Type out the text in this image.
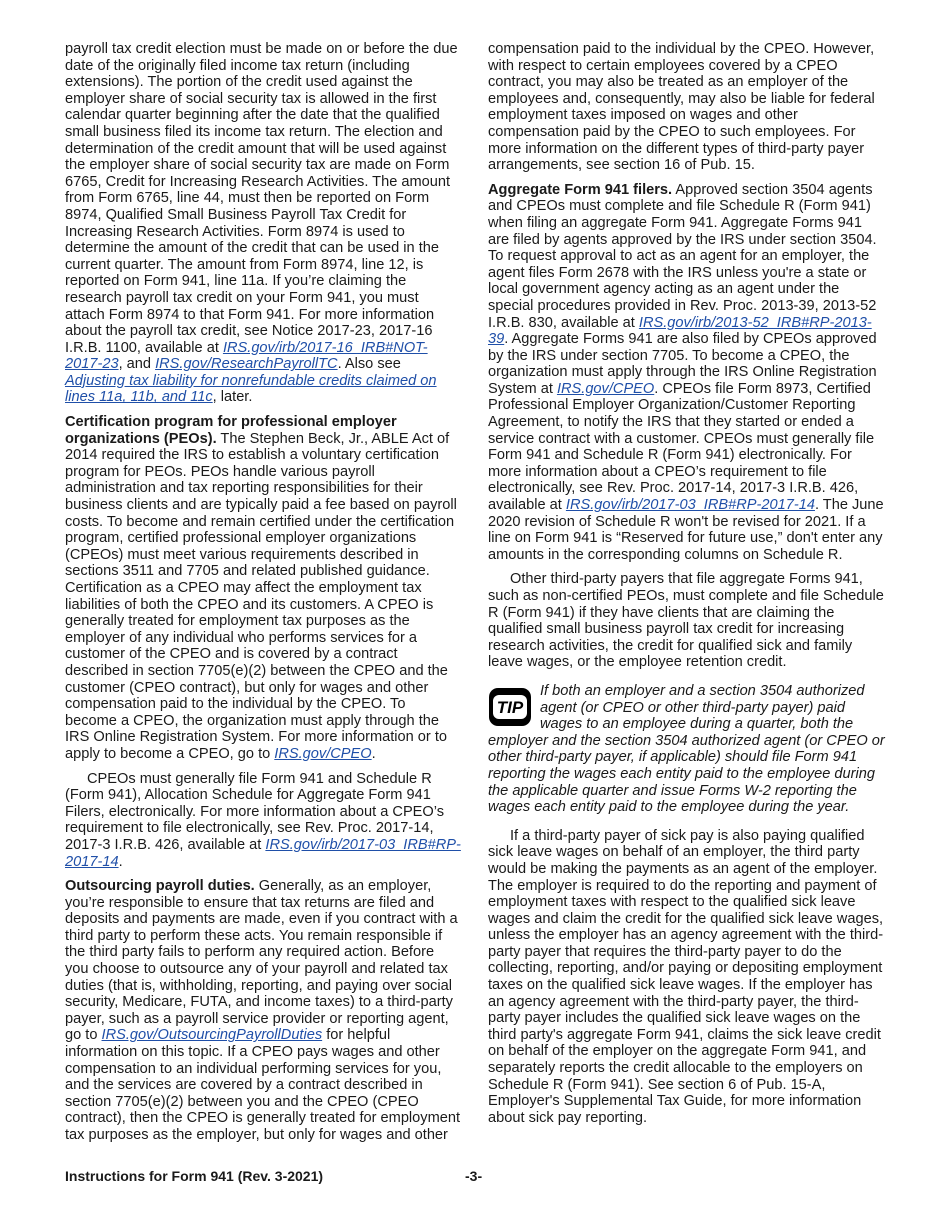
payroll tax credit election must be made on or before the due date of the originally filed income tax return (including extensions). The portion of the credit used against the employer share of social security tax is allowed in the first calendar quarter beginning after the date that the qualified small business filed its income tax return. The election and determination of the credit amount that will be used against the employer share of social security tax are made on Form 6765, Credit for Increasing Research Activities. The amount from Form 6765, line 44, must then be reported on Form 8974, Qualified Small Business Payroll Tax Credit for Increasing Research Activities. Form 8974 is used to determine the amount of the credit that can be used in the current quarter. The amount from Form 8974, line 12, is reported on Form 941, line 11a. If you’re claiming the research payroll tax credit on your Form 941, you must attach Form 8974 to that Form 941. For more information about the payroll tax credit, see Notice 2017-23, 2017-16 I.R.B. 1100, available at IRS.gov/irb/2017-16_IRB#NOT-2017-23, and IRS.gov/ResearchPayrollTC. Also see Adjusting tax liability for nonrefundable credits claimed on lines 11a, 11b, and 11c, later.

Certification program for professional employer organizations (PEOs). The Stephen Beck, Jr., ABLE Act of 2014 required the IRS to establish a voluntary certification program for PEOs. PEOs handle various payroll administration and tax reporting responsibilities for their business clients and are typically paid a fee based on payroll costs. To become and remain certified under the certification program, certified professional employer organizations (CPEOs) must meet various requirements described in sections 3511 and 7705 and related published guidance. Certification as a CPEO may affect the employment tax liabilities of both the CPEO and its customers. A CPEO is generally treated for employment tax purposes as the employer of any individual who performs services for a customer of the CPEO and is covered by a contract described in section 7705(e)(2) between the CPEO and the customer (CPEO contract), but only for wages and other compensation paid to the individual by the CPEO. To become a CPEO, the organization must apply through the IRS Online Registration System. For more information or to apply to become a CPEO, go to IRS.gov/CPEO.

CPEOs must generally file Form 941 and Schedule R (Form 941), Allocation Schedule for Aggregate Form 941 Filers, electronically. For more information about a CPEO’s requirement to file electronically, see Rev. Proc. 2017-14, 2017-3 I.R.B. 426, available at IRS.gov/irb/2017-03_IRB#RP-2017-14.

Outsourcing payroll duties. Generally, as an employer, you’re responsible to ensure that tax returns are filed and deposits and payments are made, even if you contract with a third party to perform these acts. You remain responsible if the third party fails to perform any required action. Before you choose to outsource any of your payroll and related tax duties (that is, withholding, reporting, and paying over social security, Medicare, FUTA, and income taxes) to a third-party payer, such as a payroll service provider or reporting agent, go to IRS.gov/OutsourcingPayrollDuties for helpful information on this topic. If a CPEO pays wages and other compensation to an individual performing services for you, and the services are covered by a contract described in section 7705(e)(2) between you and the CPEO (CPEO contract), then the CPEO is generally treated for employment tax purposes as the employer, but only for wages and other

compensation paid to the individual by the CPEO. However, with respect to certain employees covered by a CPEO contract, you may also be treated as an employer of the employees and, consequently, may also be liable for federal employment taxes imposed on wages and other compensation paid by the CPEO to such employees. For more information on the different types of third-party payer arrangements, see section 16 of Pub. 15.

Aggregate Form 941 filers. Approved section 3504 agents and CPEOs must complete and file Schedule R (Form 941) when filing an aggregate Form 941. Aggregate Forms 941 are filed by agents approved by the IRS under section 3504. To request approval to act as an agent for an employer, the agent files Form 2678 with the IRS unless you're a state or local government agency acting as an agent under the special procedures provided in Rev. Proc. 2013-39, 2013-52 I.R.B. 830, available at IRS.gov/irb/2013-52_IRB#RP-2013-39. Aggregate Forms 941 are also filed by CPEOs approved by the IRS under section 7705. To become a CPEO, the organization must apply through the IRS Online Registration System at IRS.gov/CPEO. CPEOs file Form 8973, Certified Professional Employer Organization/Customer Reporting Agreement, to notify the IRS that they started or ended a service contract with a customer. CPEOs must generally file Form 941 and Schedule R (Form 941) electronically. For more information about a CPEO’s requirement to file electronically, see Rev. Proc. 2017-14, 2017-3 I.R.B. 426, available at IRS.gov/irb/2017-03_IRB#RP-2017-14. The June 2020 revision of Schedule R won't be revised for 2021. If a line on Form 941 is “Reserved for future use,” don't enter any amounts in the corresponding columns on Schedule R.

Other third-party payers that file aggregate Forms 941, such as non-certified PEOs, must complete and file Schedule R (Form 941) if they have clients that are claiming the qualified small business payroll tax credit for increasing research activities, the credit for qualified sick and family leave wages, or the employee retention credit.

TIP
If both an employer and a section 3504 authorized agent (or CPEO or other third-party payer) paid wages to an employee during a quarter, both the employer and the section 3504 authorized agent (or CPEO or other third-party payer, if applicable) should file Form 941 reporting the wages each entity paid to the employee during the applicable quarter and issue Forms W-2 reporting the wages each entity paid to the employee during the year.

If a third-party payer of sick pay is also paying qualified sick leave wages on behalf of an employer, the third party would be making the payments as an agent of the employer. The employer is required to do the reporting and payment of employment taxes with respect to the qualified sick leave wages and claim the credit for the qualified sick leave wages, unless the employer has an agency agreement with the third-party payer that requires the third-party payer to do the collecting, reporting, and/or paying or depositing employment taxes on the qualified sick leave wages. If the employer has an agency agreement with the third-party payer, the third-party payer includes the qualified sick leave wages on the third party's aggregate Form 941, claims the sick leave credit on behalf of the employer on the aggregate Form 941, and separately reports the credit allocable to the employers on Schedule R (Form 941). See section 6 of Pub. 15-A, Employer's Supplemental Tax Guide, for more information about sick pay reporting.

Instructions for Form 941 (Rev. 3-2021)	-3-
